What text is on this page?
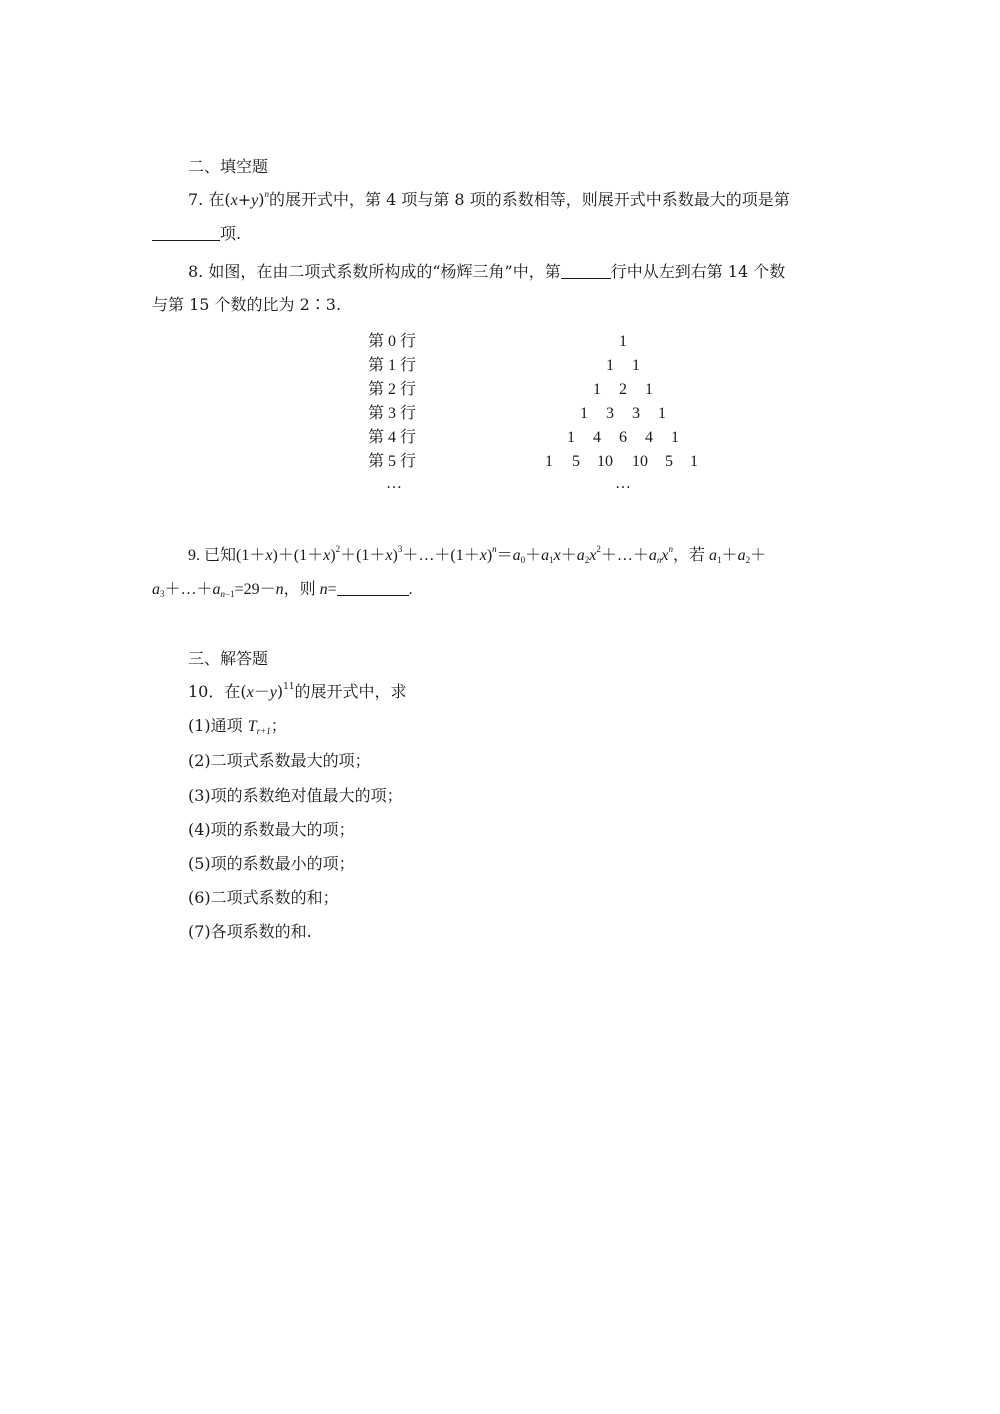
二、填空题
7. 在$(x+y)^n$的展开式中，第 4 项与第 8 项的系数相等，则展开式中系数最大的项是第
项.
8. 如图，在由二项式系数所构成的“杨辉三角”中，第	行中从左到右第 14 个数
与第 15 个数的比为 2∶3.
第 0 行
第 1 行
第 2 行
第 3 行
第 4 行
第 5 行
…
1
1 1
1 2 1
1 3 3 1
1 4 6 4 1
1 5 10 10 5 1
…
9. 已知$(1+x)+(1+x)^2+(1+x)^3+\dots+(1+x)^n=a_0+a_1x+a_2x^2+\dots+a_nx^n$，若 $a_1+a_2+$
$a_3+\dots+a_{n-1}=29-n$，则 n=	.
三、解答题
10．在$(x-y)^{11}$的展开式中，求
(1)通项 $T_{r+1}$；
(2)二项式系数最大的项；
(3)项的系数绝对值最大的项；
(4)项的系数最大的项；
(5)项的系数最小的项；
(6)二项式系数的和；
(7)各项系数的和.
